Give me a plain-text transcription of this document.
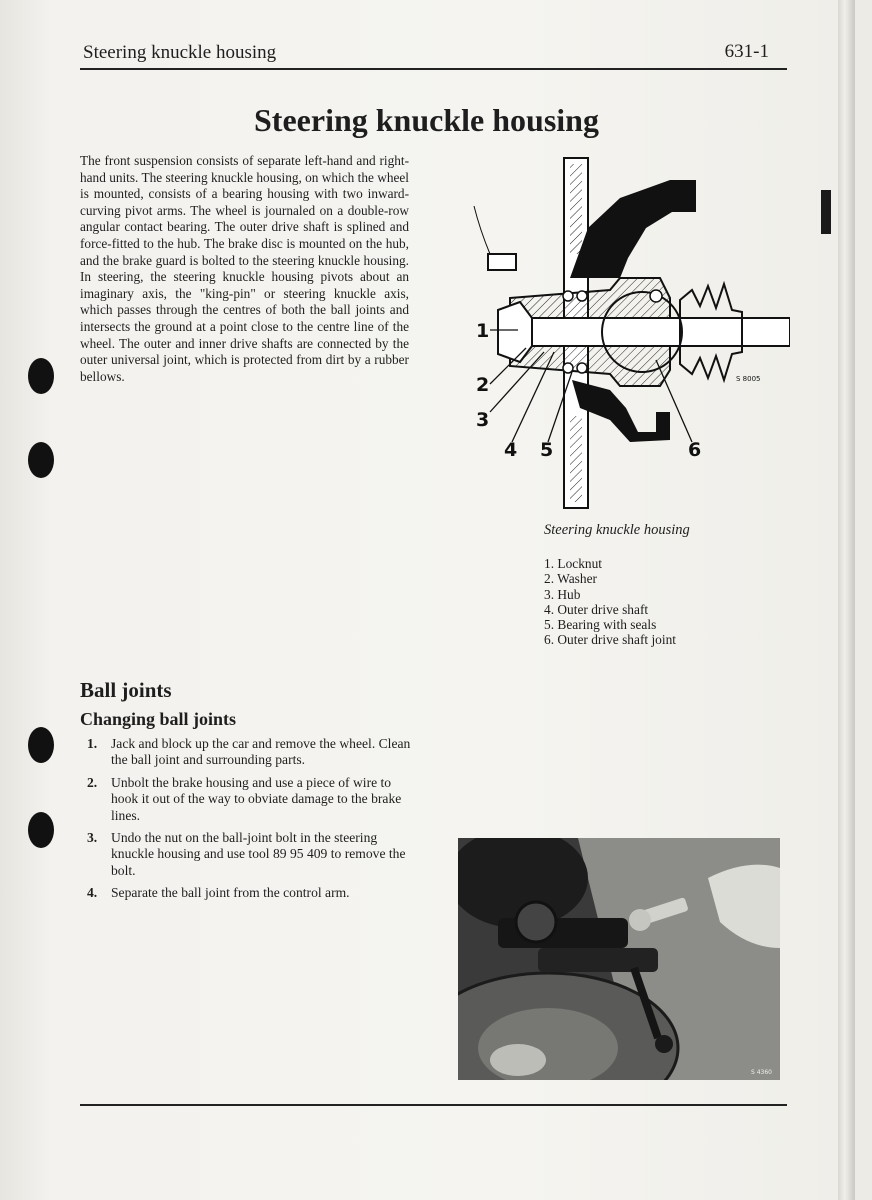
Steering knuckle housing	631-1
Steering knuckle housing

The front suspension consists of separate left-hand and right-hand units. The steering knuckle housing, on which the wheel is mounted, consists of a bearing housing with two inward-curving pivot arms. The wheel is journaled on a double-row angular contact bearing. The outer drive shaft is splined and force-fitted to the hub. The brake disc is mounted on the hub, and the brake guard is bolted to the steering knuckle housing. In steering, the steering knuckle housing pivots about an imaginary axis, the "king-pin" or steering knuckle axis, which passes through the centres of both the ball joints and intersects the ground at a point close to the centre line of the wheel. The outer and inner drive shafts are connected by the outer universal joint, which is protected from dirt by a rubber bellows.

1
2
3
4 5	6
S 8005
Steering knuckle housing
1. Locknut
2. Washer
3. Hub
4. Outer drive shaft
5. Bearing with seals
6. Outer drive shaft joint
Ball joints
Changing ball joints
1. Jack and block up the car and remove the wheel. Clean the ball joint and surrounding parts.
2. Unbolt the brake housing and use a piece of wire to hook it out of the way to obviate damage to the brake lines.
3. Undo the nut on the ball-joint bolt in the steering knuckle housing and use tool 89 95 409 to remove the bolt.
4. Separate the ball joint from the control arm.
S 4360
